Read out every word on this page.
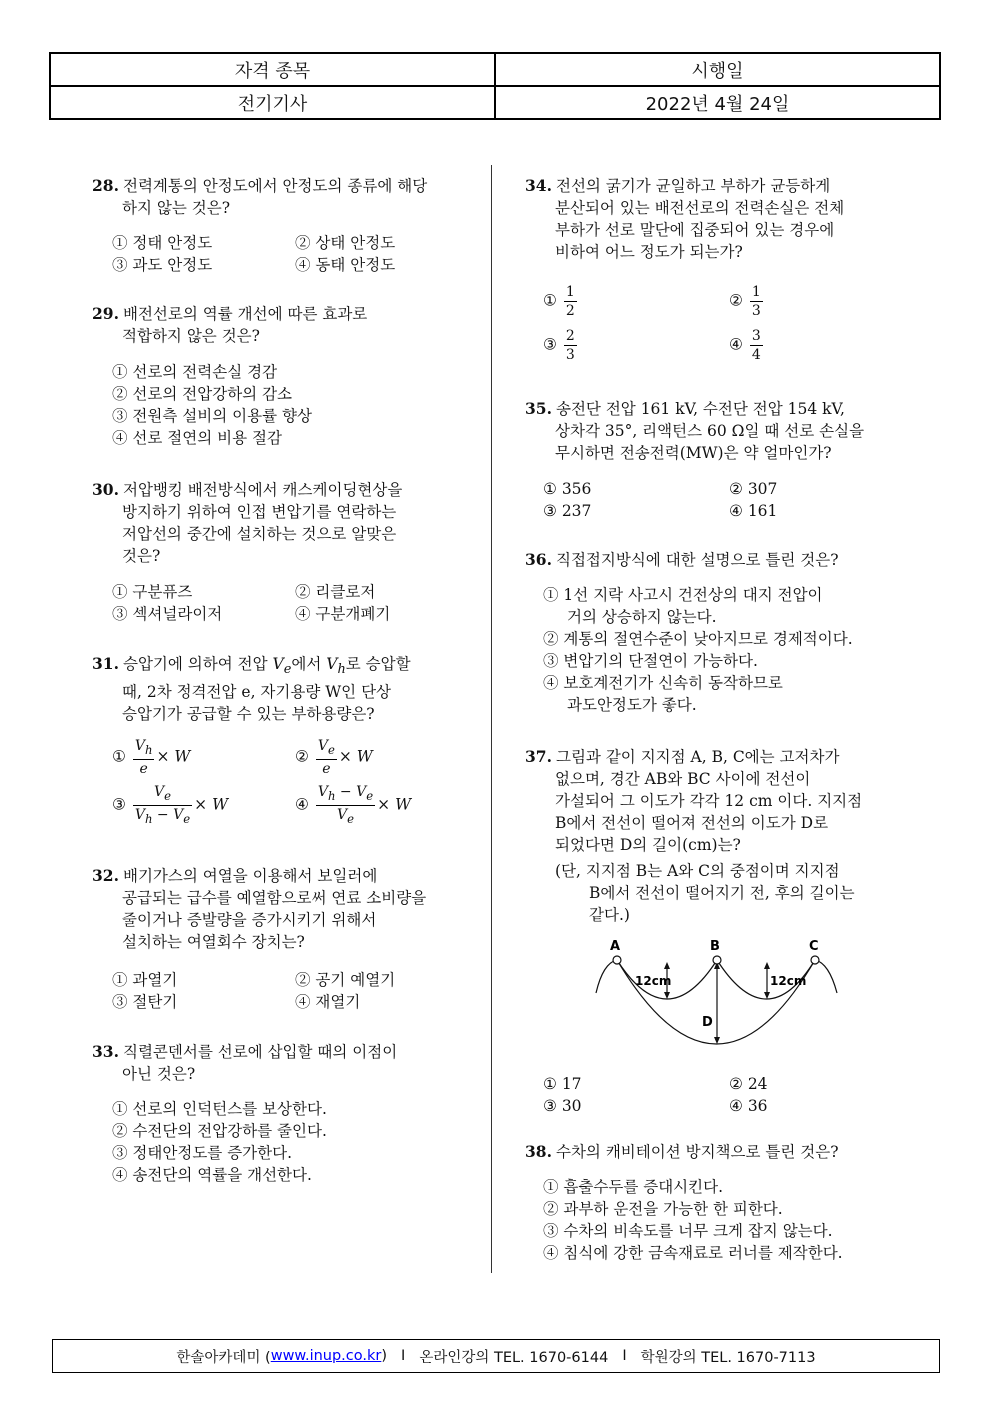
자격 종목	시행일
전기기사	2022년 4월 24일
28. 전력계통의 안정도에서 안정도의 종류에 해당
하지 않는 것은?
① 정태 안정도	② 상태 안정도
③ 과도 안정도	④ 동태 안정도
29. 배전선로의 역률 개선에 따른 효과로
적합하지 않은 것은?
① 선로의 전력손실 경감
② 선로의 전압강하의 감소
③ 전원측 설비의 이용률 향상
④ 선로 절연의 비용 절감
30. 저압뱅킹 배전방식에서 캐스케이딩현상을
방지하기 위하여 인접 변압기를 연락하는
저압선의 중간에 설치하는 것으로 알맞은
것은?
① 구분퓨즈	② 리클로저
③ 섹셔널라이저	④ 구분개폐기
31. 승압기에 의하여 전압 $V_e$에서 $V_h$로 승압할
때, 2차 정격전압 e, 자기용량 W인 단상
승압기가 공급할 수 있는 부하용량은?
① $\frac{V_h}{e} \times W$	② $\frac{V_e}{e} \times W$
③ $\frac{V_e}{V_h - V_e} \times W$	④ $\frac{V_h - V_e}{V_e} \times W$
32. 배기가스의 여열을 이용해서 보일러에
공급되는 급수를 예열함으로써 연료 소비량을
줄이거나 증발량을 증가시키기 위해서
설치하는 여열회수 장치는?
① 과열기	② 공기 예열기
③ 절탄기	④ 재열기
33. 직렬콘덴서를 선로에 삽입할 때의 이점이
아닌 것은?
① 선로의 인덕턴스를 보상한다.
② 수전단의 전압강하를 줄인다.
③ 정태안정도를 증가한다.
④ 송전단의 역률을 개선한다.
34. 전선의 굵기가 균일하고 부하가 균등하게
분산되어 있는 배전선로의 전력손실은 전체
부하가 선로 말단에 집중되어 있는 경우에
비하여 어느 정도가 되는가?
① $\frac{1}{2}$	② $\frac{1}{3}$
③ $\frac{2}{3}$	④ $\frac{3}{4}$
35. 송전단 전압 161 kV, 수전단 전압 154 kV,
상차각 35°, 리액턴스 60 Ω일 때 선로 손실을
무시하면 전송전력(MW)은 약 얼마인가?
① 356	② 307
③ 237	④ 161
36. 직접접지방식에 대한 설명으로 틀린 것은?
① 1선 지락 사고시 건전상의 대지 전압이
거의 상승하지 않는다.
② 계통의 절연수준이 낮아지므로 경제적이다.
③ 변압기의 단절연이 가능하다.
④ 보호계전기가 신속히 동작하므로
과도안정도가 좋다.
37. 그림과 같이 지지점 A, B, C에는 고저차가
없으며, 경간 AB와 BC 사이에 전선이
가설되어 그 이도가 각각 12 cm 이다. 지지점
B에서 전선이 떨어져 전선의 이도가 D로
되었다면 D의 길이(cm)는?
(단, 지지점 B는 A와 C의 중점이며 지지점
B에서 전선이 떨어지기 전, 후의 길이는
같다.)
A	B	C
12cm	12cm
D
① 17	② 24
③ 30	④ 36
38. 수차의 캐비테이션 방지책으로 틀린 것은?
① 흡출수두를 증대시킨다.
② 과부하 운전을 가능한 한 피한다.
③ 수차의 비속도를 너무 크게 잡지 않는다.
④ 침식에 강한 금속재료로 러너를 제작한다.
한솔아카데미 ( www.inup.co.kr ) I 온라인강의 TEL. 1670-6144 I 학원강의 TEL. 1670-7113
